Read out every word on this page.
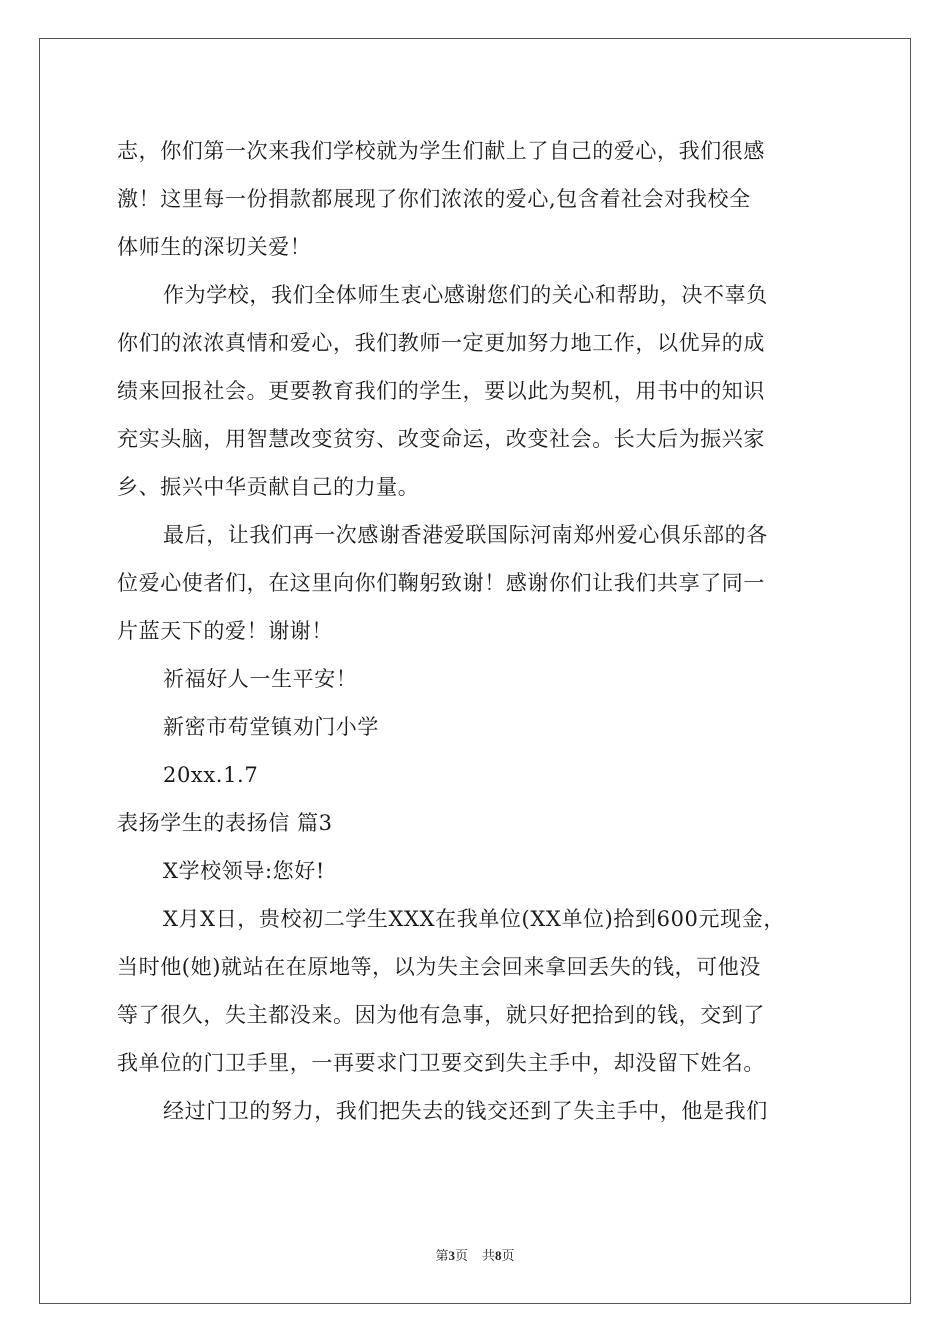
志，你们第一次来我们学校就为学生们献上了自己的爱心，我们很感
激！这里每一份捐款都展现了你们浓浓的爱心,包含着社会对我校全
体师生的深切关爱！
作为学校，我们全体师生衷心感谢您们的关心和帮助，决不辜负
你们的浓浓真情和爱心，我们教师一定更加努力地工作，以优异的成
绩来回报社会。更要教育我们的学生，要以此为契机，用书中的知识
充实头脑，用智慧改变贫穷、改变命运，改变社会。长大后为振兴家
乡、振兴中华贡献自己的力量。
最后，让我们再一次感谢香港爱联国际河南郑州爱心俱乐部的各
位爱心使者们，在这里向你们鞠躬致谢！感谢你们让我们共享了同一
片蓝天下的爱！谢谢！
祈福好人一生平安！
新密市苟堂镇劝门小学
20xx.1.7
表扬学生的表扬信 篇3
X学校领导:您好!
X月X日，贵校初二学生XXX在我单位(XX单位)拾到600元现金，
当时他(她)就站在在原地等，以为失主会回来拿回丢失的钱，可他没
等了很久，失主都没来。因为他有急事，就只好把拾到的钱，交到了
我单位的门卫手里，一再要求门卫要交到失主手中，却没留下姓名。
经过门卫的努力，我们把失去的钱交还到了失主手中，他是我们
第3页 共8页
